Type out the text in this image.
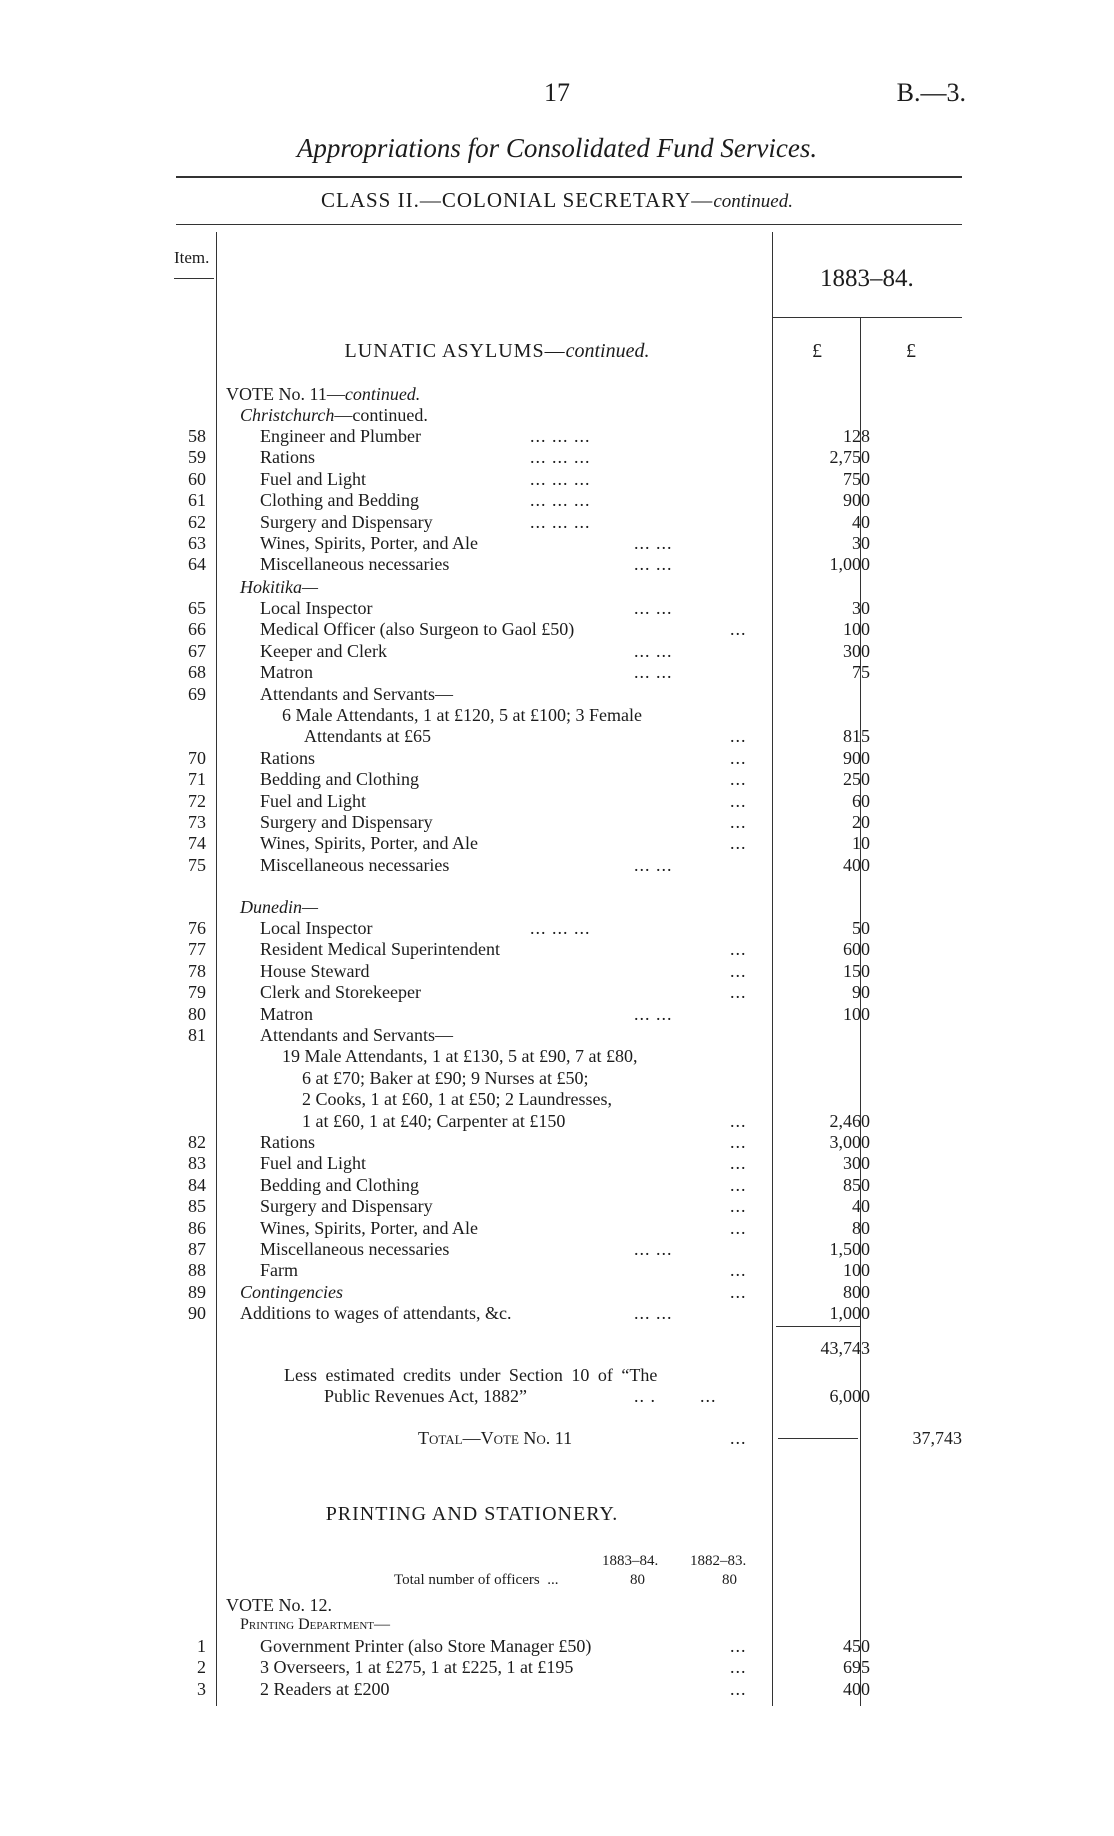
17	B.—3.
Appropriations for Consolidated Fund Services.
CLASS II.—COLONIAL SECRETARY—continued.
Item.
1883–84.
LUNATIC ASYLUMS—continued.	£	£
VOTE No. 11—continued.
Christchurch—continued.
58	Engineer and Plumber	... ... ...	128
59	Rations	... ... ...	2,750
60	Fuel and Light	... ... ...	750
61	Clothing and Bedding	... ... ...	900
62	Surgery and Dispensary	... ... ...	40
63	Wines, Spirits, Porter, and Ale	... ...	30
64	Miscellaneous necessaries	... ...	1,000
Hokitika—
65	Local Inspector	... ...	30
66	Medical Officer (also Surgeon to Gaol £50)	...	100
67	Keeper and Clerk	... ...	300
68	Matron	... ...	75
69	Attendants and Servants—
6 Male Attendants, 1 at £120, 5 at £100; 3 Female
Attendants at £65	...	815
70	Rations	...	900
71	Bedding and Clothing	...	250
72	Fuel and Light	...	60
73	Surgery and Dispensary	...	20
74	Wines, Spirits, Porter, and Ale	...	10
75	Miscellaneous necessaries	... ...	400
Dunedin—
76	Local Inspector	... ... ...	50
77	Resident Medical Superintendent	...	600
78	House Steward	...	150
79	Clerk and Storekeeper	...	90
80	Matron	... ...	100
81	Attendants and Servants—
19 Male Attendants, 1 at £130, 5 at £90, 7 at £80,
6 at £70; Baker at £90; 9 Nurses at £50;
2 Cooks, 1 at £60, 1 at £50; 2 Laundresses,
1 at £60, 1 at £40; Carpenter at £150	...	2,460
82	Rations	...	3,000
83	Fuel and Light	...	300
84	Bedding and Clothing	...	850
85	Surgery and Dispensary	...	40
86	Wines, Spirits, Porter, and Ale	...	80
87	Miscellaneous necessaries	... ...	1,500
88	Farm	...	100
89 Contingencies	...	800
90 Additions to wages of attendants, &c.	... ...	1,000
43,743
Less estimated credits under Section 10 of “The
Public Revenues Act, 1882”	.. .        ...	6,000
Total—Vote No. 11	...	37,743
PRINTING AND STATIONERY.
1883–84. 1882–83.
Total number of officers  ...	80	80
VOTE No. 12.
Printing Department—
1	Government Printer (also Store Manager £50)	...	450
2	3 Overseers, 1 at £275, 1 at £225, 1 at £195	...	695
3	2 Readers at £200	...	400
